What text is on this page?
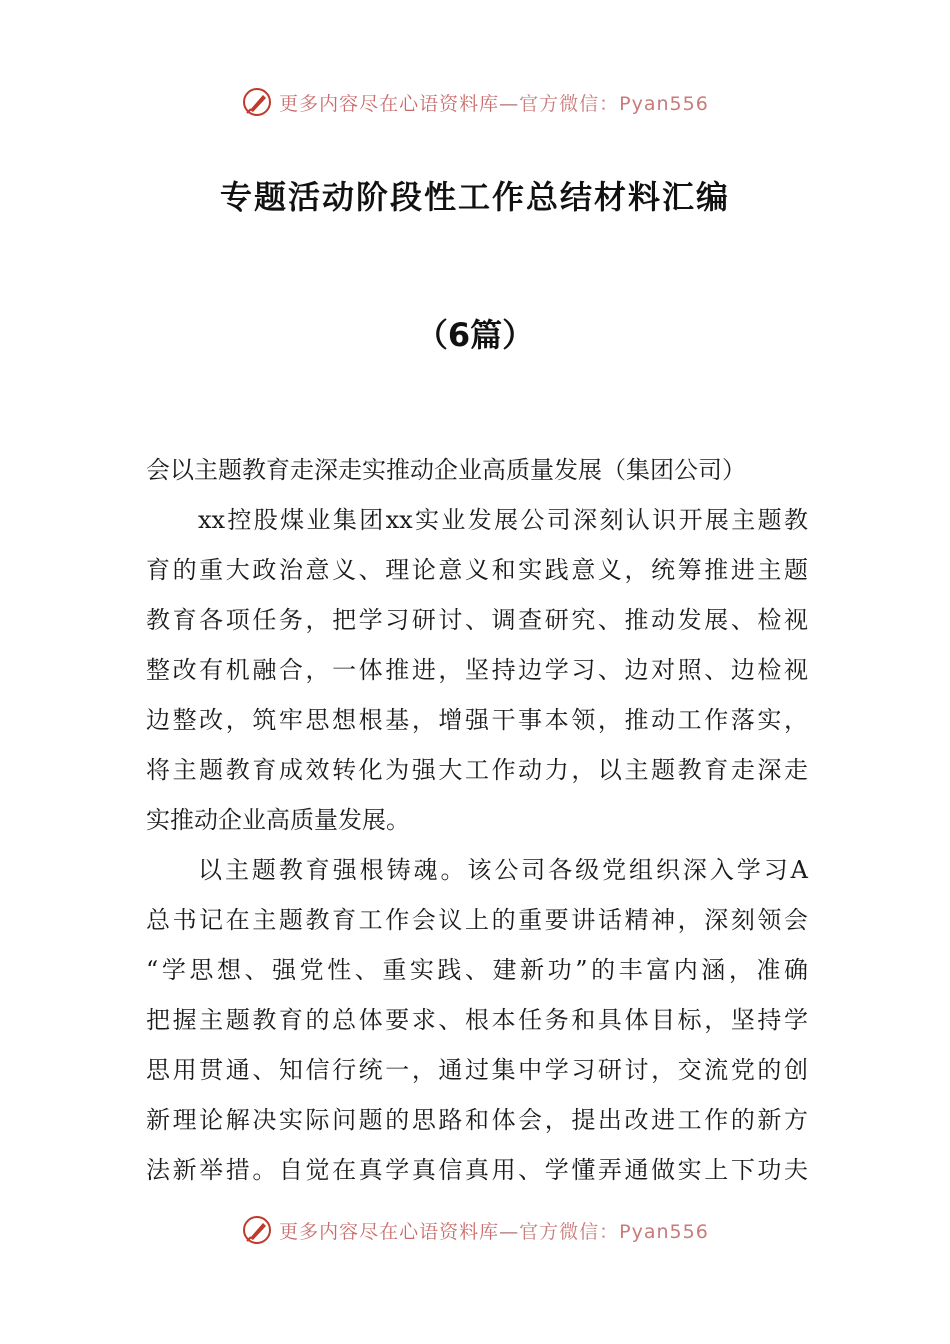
更多内容尽在心语资料库—官方微信：Pyan556
专题活动阶段性工作总结材料汇编
（6篇）
会以主题教育走深走实推动企业高质量发展（集团公司）
xx控股煤业集团xx实业发展公司深刻认识开展主题教
育的重大政治意义、理论意义和实践意义，统筹推进主题
教育各项任务，把学习研讨、调查研究、推动发展、检视
整改有机融合，一体推进，坚持边学习、边对照、边检视
边整改，筑牢思想根基，增强干事本领，推动工作落实，
将主题教育成效转化为强大工作动力，以主题教育走深走
实推动企业高质量发展。
以主题教育强根铸魂。该公司各级党组织深入学习A
总书记在主题教育工作会议上的重要讲话精神，深刻领会
“学思想、强党性、重实践、建新功”的丰富内涵，准确
把握主题教育的总体要求、根本任务和具体目标，坚持学
思用贯通、知信行统一，通过集中学习研讨，交流党的创
新理论解决实际问题的思路和体会，提出改进工作的新方
法新举措。自觉在真学真信真用、学懂弄通做实上下功夫
更多内容尽在心语资料库—官方微信：Pyan556
